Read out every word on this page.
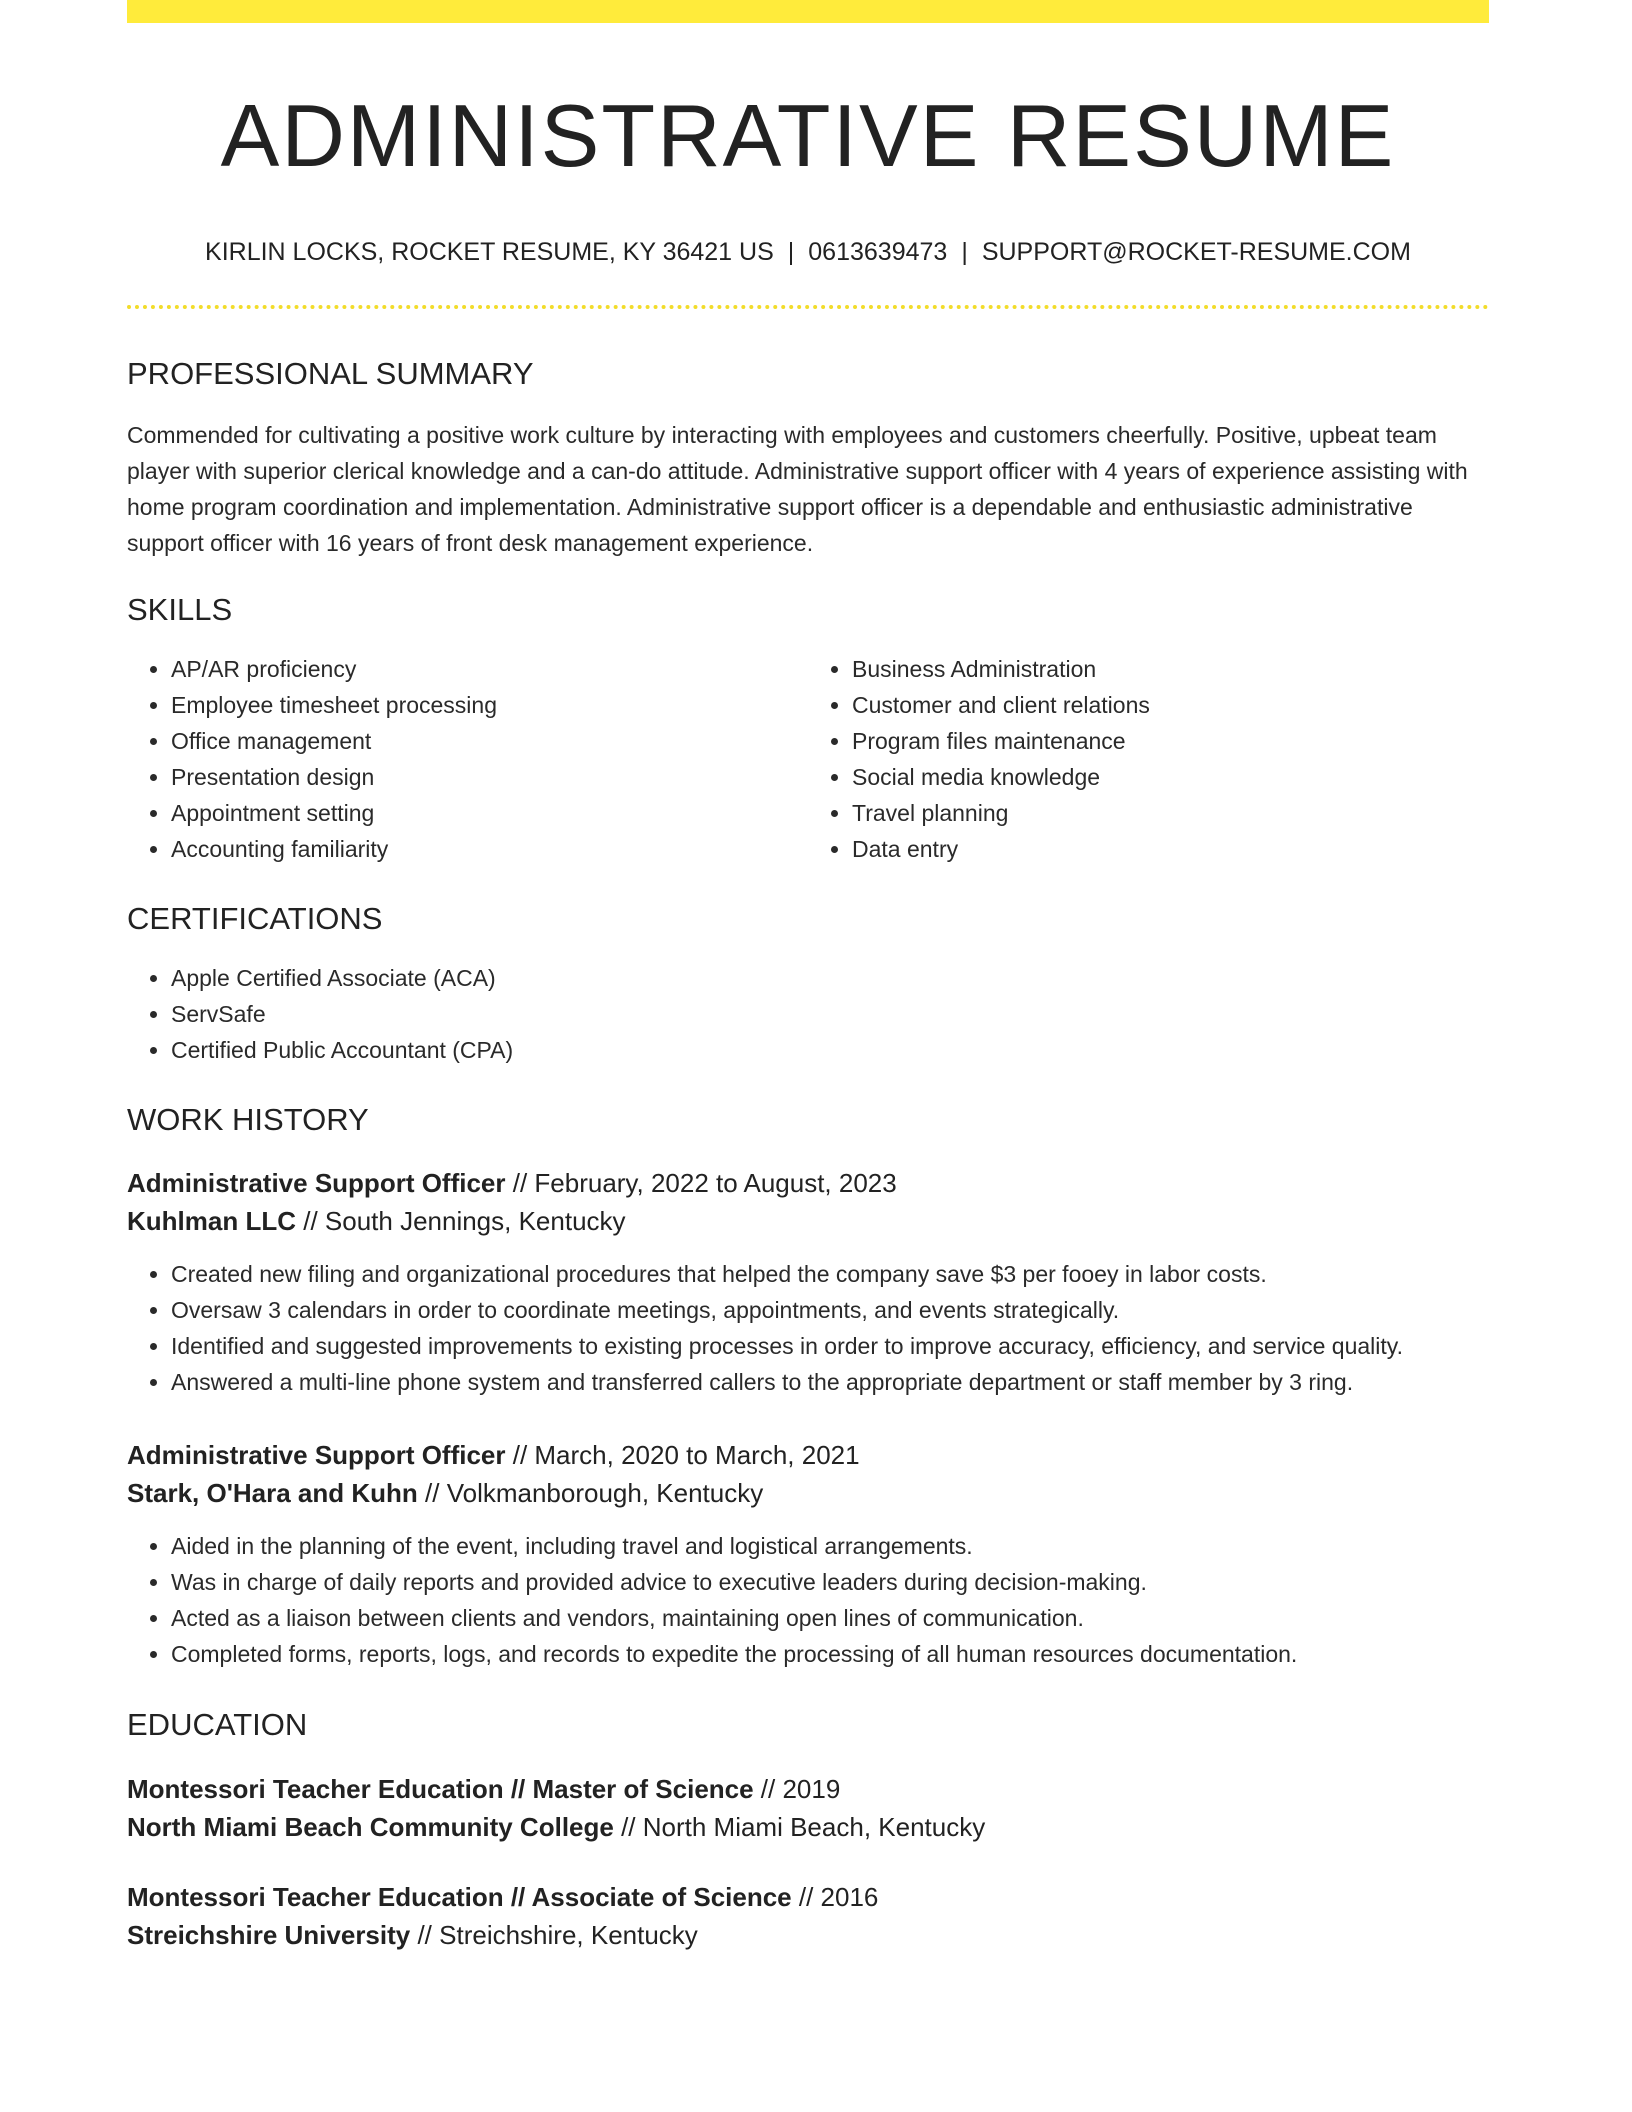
ADMINISTRATIVE RESUME
KIRLIN LOCKS, ROCKET RESUME, KY 36421 US | 0613639473 | SUPPORT@ROCKET-RESUME.COM
PROFESSIONAL SUMMARY

Commended for cultivating a positive work culture by interacting with employees and customers cheerfully. Positive, upbeat team player with superior clerical knowledge and a can-do attitude. Administrative support officer with 4 years of experience assisting with home program coordination and implementation. Administrative support officer is a dependable and enthusiastic administrative support officer with 16 years of front desk management experience.

SKILLS
• AP/AR proficiency
• Employee timesheet processing
• Office management
• Presentation design
• Appointment setting
• Accounting familiarity
• Business Administration
• Customer and client relations
• Program files maintenance
• Social media knowledge
• Travel planning
• Data entry
CERTIFICATIONS
• Apple Certified Associate (ACA)
• ServSafe
• Certified Public Accountant (CPA)
WORK HISTORY
Administrative Support Officer // February, 2022 to August, 2023
Kuhlman LLC // South Jennings, Kentucky
• Created new filing and organizational procedures that helped the company save $3 per fooey in labor costs.
• Oversaw 3 calendars in order to coordinate meetings, appointments, and events strategically.
• Identified and suggested improvements to existing processes in order to improve accuracy, efficiency, and service quality.
• Answered a multi-line phone system and transferred callers to the appropriate department or staff member by 3 ring.
Administrative Support Officer // March, 2020 to March, 2021
Stark, O'Hara and Kuhn // Volkmanborough, Kentucky
• Aided in the planning of the event, including travel and logistical arrangements.
• Was in charge of daily reports and provided advice to executive leaders during decision-making.
• Acted as a liaison between clients and vendors, maintaining open lines of communication.
• Completed forms, reports, logs, and records to expedite the processing of all human resources documentation.
EDUCATION
Montessori Teacher Education // Master of Science // 2019
North Miami Beach Community College // North Miami Beach, Kentucky
Montessori Teacher Education // Associate of Science // 2016
Streichshire University // Streichshire, Kentucky
